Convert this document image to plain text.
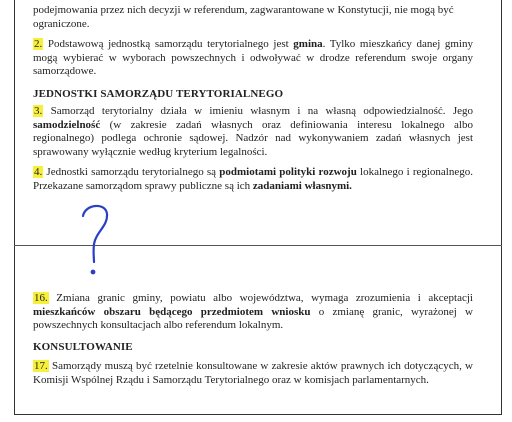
podejmowania przez nich decyzji w referendum, zagwarantowane w Konstytucji, nie mogą być ograniczone.

2. Podstawową jednostką samorządu terytorialnego jest gmina. Tylko mieszkańcy danej gminy mogą wybierać w wyborach powszechnych i odwoływać w drodze referendum swoje organy samorządowe.

JEDNOSTKI SAMORZĄDU TERYTORIALNEGO

3. Samorząd terytorialny działa w imieniu własnym i na własną odpowiedzialność. Jego samodzielność (w zakresie zadań własnych oraz definiowania interesu lokalnego albo regionalnego) podlega ochronie sądowej. Nadzór nad wykonywaniem zadań własnych jest sprawowany wyłącznie według kryterium legalności.

4. Jednostki samorządu terytorialnego są podmiotami polityki rozwoju lokalnego i regionalnego. Przekazane samorządom sprawy publiczne są ich zadaniami własnymi.

16. Zmiana granic gminy, powiatu albo województwa, wymaga zrozumienia i akceptacji mieszkańców obszaru będącego przedmiotem wniosku o zmianę granic, wyrażonej w powszechnych konsultacjach albo referendum lokalnym.

KONSULTOWANIE

17. Samorządy muszą być rzetelnie konsultowane w zakresie aktów prawnych ich dotyczących, w Komisji Wspólnej Rządu i Samorządu Terytorialnego oraz w komisjach parlamentarnych.
